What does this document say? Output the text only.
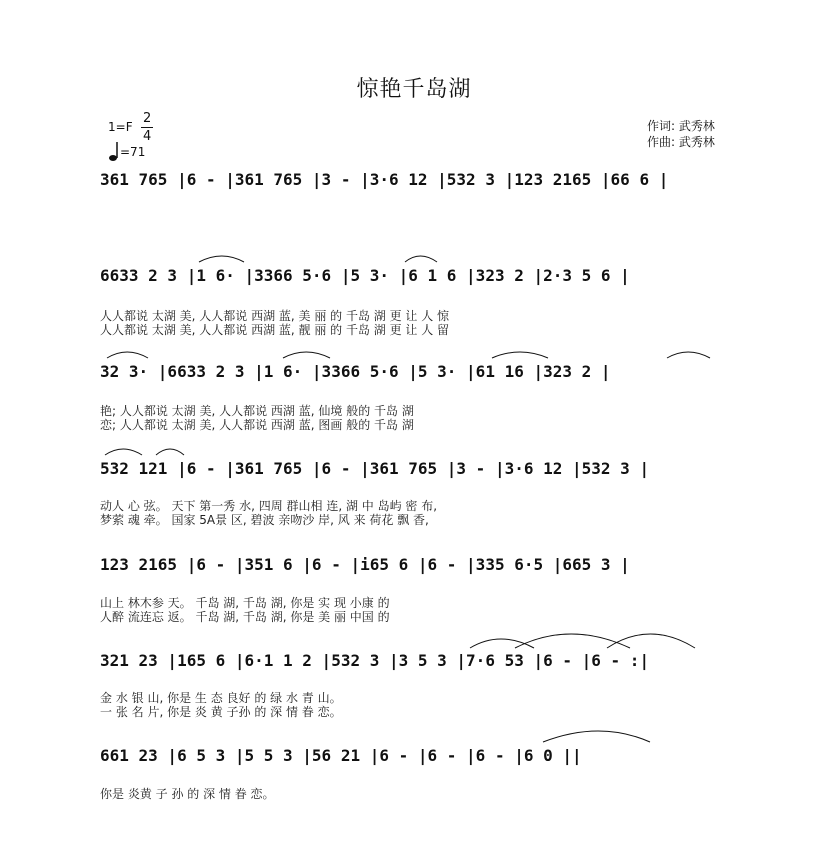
惊艳千岛湖
1=F
2
4
=71
作词: 武秀林
作曲: 武秀林
361 765 |6 - |361 765 |3 - |3·6 12 |532 3 |123 2165 |66 6 |
6633 2 3 |1 6· |3366 5·6 |5 3· |6 1 6 |323 2 |2·3 5 6 |
人人都说 太湖 美, 人人都说 西湖 蓝, 美 丽 的 千岛 湖 更 让 人 惊
人人都说 太湖 美, 人人都说 西湖 蓝, 靓 丽 的 千岛 湖 更 让 人 留
32 3· |6633 2 3 |1 6· |3366 5·6 |5 3· |61 16 |323 2 |
艳; 人人都说 太湖 美, 人人都说 西湖 蓝, 仙境 般的 千岛 湖
恋; 人人都说 太湖 美, 人人都说 西湖 蓝, 图画 般的 千岛 湖
532 121 |6 - |361 765 |6 - |361 765 |3 - |3·6 12 |532 3 |
动人 心 弦。 天下 第一秀 水, 四周 群山相 连, 湖 中 岛屿 密 布,
梦萦 魂 牵。 国家 5A景 区, 碧波 亲吻沙 岸, 风 来 荷花 飘 香,
123 2165 |6 - |351 6 |6 - |i65 6 |6 - |335 6·5 |665 3 |
山上 林木参 天。 千岛 湖, 千岛 湖, 你是 实 现 小康 的
人醉 流连忘 返。 千岛 湖, 千岛 湖, 你是 美 丽 中国 的
321 23 |165 6 |6·1 1 2 |532 3 |3 5 3 |7·6 53 |6 - |6 - :|
金 水 银 山, 你是 生 态 良好 的 绿 水 青 山。
一 张 名 片, 你是 炎 黄 子孙 的 深 情 眷 恋。
661 23 |6 5 3 |5 5 3 |56 21 |6 - |6 - |6 - |6 0 ||
你是 炎黄 子 孙 的 深 情 眷 恋。
